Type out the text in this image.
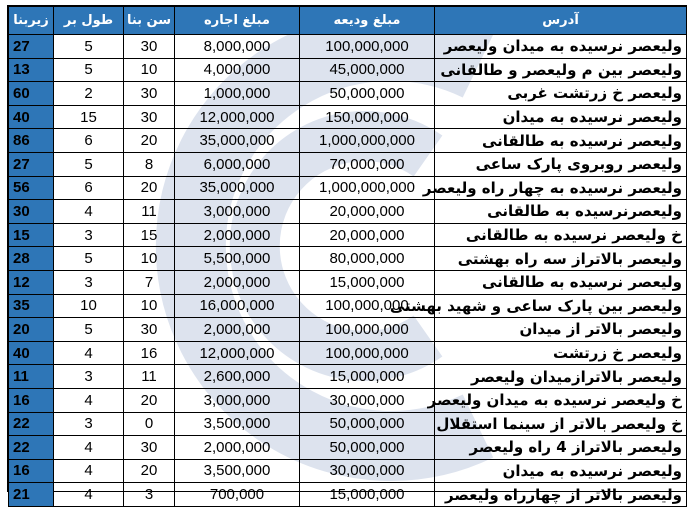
زیربنا	طول بر	سن بنا	مبلغ اجاره	مبلغ ودیعه	آدرس
27	5	30	8,000,000	100,000,000	ولیعصر نرسیده به میدان ولیعصر
13	5	10	4,000,000	45,000,000	ولیعصر بین م ولیعصر و طالقانی
60	2	30	1,000,000	50,000,000	ولیعصر خ زرتشت غربی
40	15	30	12,000,000	150,000,000	ولیعصر نرسیده به میدان
86	6	20	35,000,000	1,000,000,000	ولیعصر نرسیده به طالقانی
27	5	8	6,000,000	70,000,000	ولیعصر روبروی پارک ساعی
56	6	20	35,000,000	1,000,000,000	ولیعصر نرسیده به چهار راه ولیعصر
30	4	11	3,000,000	20,000,000	ولیعصرنرسیده به طالقانی
15	3	15	2,000,000	20,000,000	خ ولیعصر نرسیده به طالقانی
28	5	10	5,500,000	80,000,000	ولیعصر بالاتراز سه راه بهشتی
12	3	7	2,000,000	15,000,000	ولیعصر نرسیده به طالقانی
35	10	10	16,000,000	100,000,000	ولیعصر بین پارک ساعی و شهید بهشتی
20	5	30	2,000,000	100,000,000	ولیعصر بالاتر از میدان
40	4	16	12,000,000	100,000,000	ولیعصر خ زرتشت
11	3	11	2,600,000	15,000,000	ولیعصر بالاترازمیدان ولیعصر
16	4	20	3,000,000	30,000,000	خ ولیعصر نرسیده به میدان ولیعصر
22	3	0	3,500,000	50,000,000	خ ولیعصر بالاتر از سینما استقلال
22	4	30	2,000,000	50,000,000	ولیعصر بالاتراز 4 راه ولیعصر
16	4	20	3,500,000	30,000,000	ولیعصر نرسیده به میدان
21	4	3	700,000	15,000,000	ولیعصر بالاتر از چهارراه ولیعصر
